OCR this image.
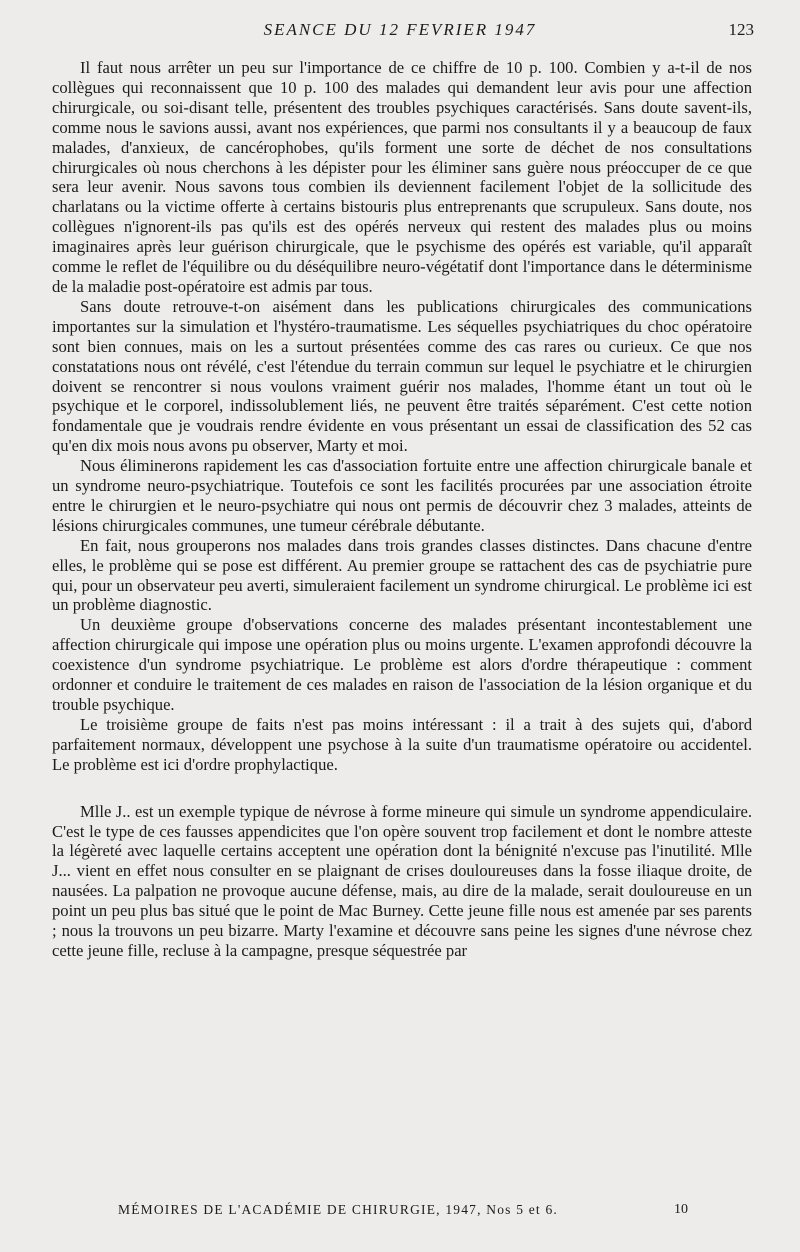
SEANCE DU 12 FEVRIER 1947	123

Il faut nous arrêter un peu sur l'importance de ce chiffre de 10 p. 100. Combien y a-t-il de nos collègues qui reconnaissent que 10 p. 100 des malades qui demandent leur avis pour une affection chirurgicale, ou soi-disant telle, présentent des troubles psychiques caractérisés. Sans doute savent-ils, comme nous le savions aussi, avant nos expériences, que parmi nos consultants il y a beaucoup de faux malades, d'anxieux, de cancérophobes, qu'ils forment une sorte de déchet de nos consultations chirurgicales où nous cherchons à les dépister pour les éliminer sans guère nous préoccuper de ce que sera leur avenir. Nous savons tous combien ils deviennent facilement l'objet de la sollicitude des charlatans ou la victime offerte à certains bistouris plus entreprenants que scrupuleux. Sans doute, nos collègues n'ignorent-ils pas qu'ils est des opérés nerveux qui restent des malades plus ou moins imaginaires après leur guérison chirurgicale, que le psychisme des opérés est variable, qu'il apparaît comme le reflet de l'équilibre ou du déséquilibre neuro-végétatif dont l'importance dans le déterminisme de la maladie post-opératoire est admis par tous.

Sans doute retrouve-t-on aisément dans les publications chirurgicales des communications importantes sur la simulation et l'hystéro-traumatisme. Les séquelles psychiatriques du choc opératoire sont bien connues, mais on les a surtout présentées comme des cas rares ou curieux. Ce que nos constatations nous ont révélé, c'est l'étendue du terrain commun sur lequel le psychiatre et le chirurgien doivent se rencontrer si nous voulons vraiment guérir nos malades, l'homme étant un tout où le psychique et le corporel, indissolublement liés, ne peuvent être traités séparément. C'est cette notion fondamentale que je voudrais rendre évidente en vous présentant un essai de classification des 52 cas qu'en dix mois nous avons pu observer, Marty et moi.

Nous éliminerons rapidement les cas d'association fortuite entre une affection chirurgicale banale et un syndrome neuro-psychiatrique. Toutefois ce sont les facilités procurées par une association étroite entre le chirurgien et le neuro-psychiatre qui nous ont permis de découvrir chez 3 malades, atteints de lésions chirurgicales communes, une tumeur cérébrale débutante.

En fait, nous grouperons nos malades dans trois grandes classes distinctes. Dans chacune d'entre elles, le problème qui se pose est différent. Au premier groupe se rattachent des cas de psychiatrie pure qui, pour un observateur peu averti, simuleraient facilement un syndrome chirurgical. Le problème ici est un problème diagnostic.

Un deuxième groupe d'observations concerne des malades présentant incontestablement une affection chirurgicale qui impose une opération plus ou moins urgente. L'examen approfondi découvre la coexistence d'un syndrome psychiatrique. Le problème est alors d'ordre thérapeutique : comment ordonner et conduire le traitement de ces malades en raison de l'association de la lésion organique et du trouble psychique.

Le troisième groupe de faits n'est pas moins intéressant : il a trait à des sujets qui, d'abord parfaitement normaux, développent une psychose à la suite d'un traumatisme opératoire ou accidentel. Le problème est ici d'ordre prophylactique.

Mlle J.. est un exemple typique de névrose à forme mineure qui simule un syndrome appendiculaire. C'est le type de ces fausses appendicites que l'on opère souvent trop facilement et dont le nombre atteste la légèreté avec laquelle certains acceptent une opération dont la bénignité n'excuse pas l'inutilité. Mlle J... vient en effet nous consulter en se plaignant de crises douloureuses dans la fosse iliaque droite, de nausées. La palpation ne provoque aucune défense, mais, au dire de la malade, serait douloureuse en un point un peu plus bas situé que le point de Mac Burney. Cette jeune fille nous est amenée par ses parents ; nous la trouvons un peu bizarre. Marty l'examine et découvre sans peine les signes d'une névrose chez cette jeune fille, recluse à la campagne, presque séquestrée par

MÉMOIRES DE L'ACADÉMIE DE CHIRURGIE, 1947, Nos 5 et 6.	10
